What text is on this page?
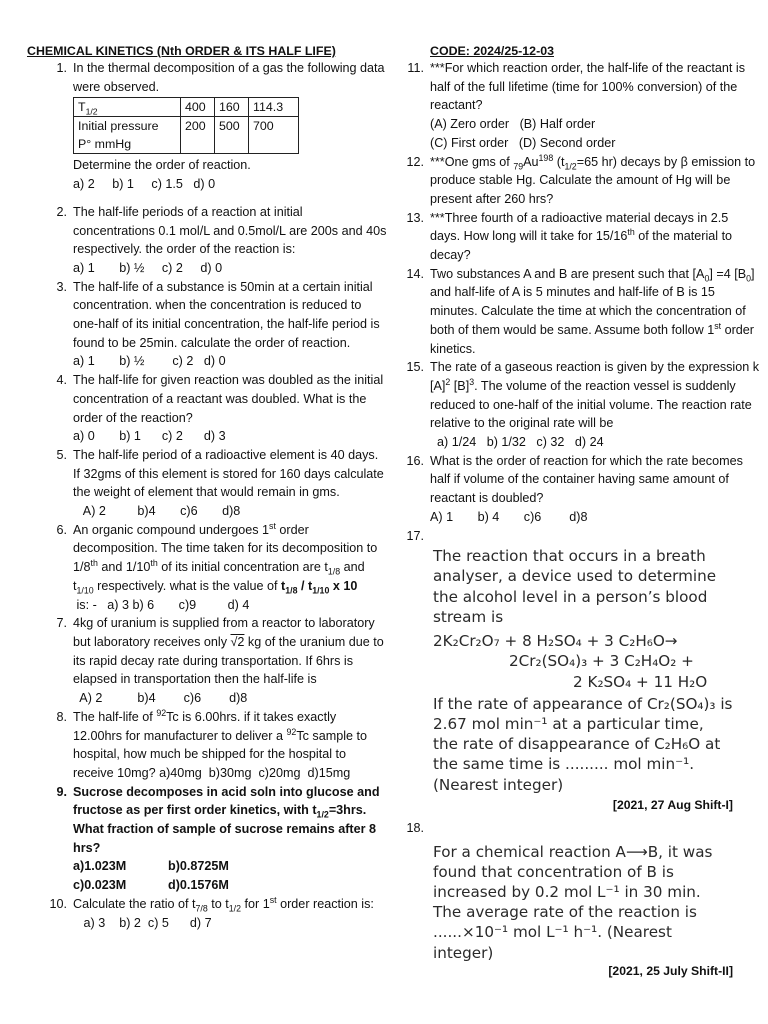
CHEMICAL KINETICS (Nth ORDER & ITS HALF LIFE)	CODE: 2024/25-12-03
1. In the thermal decomposition of a gas the following data were observed.
$T_{1/2}$	400	160	114.3

Initial pressure
P° mmHg	200	500	700
Determine the order of reaction.
a) 2     b) 1     c) 1.5   d) 0
2. The half-life periods of a reaction at initial concentrations 0.1 mol/L and 0.5mol/L are 200s and 40s respectively. the order of the reaction is:
a) 1       b) ½     c) 2     d) 0
3. The half-life of a substance is 50min at a certain initial concentration. when the concentration is reduced to one-half of its initial concentration, the half-life period is found to be 25min. calculate the order of reaction.
a) 1       b) ½        c) 2   d) 0
4. The half-life for given reaction was doubled as the initial concentration of a reactant was doubled. What is the order of the reaction?
a) 0       b) 1      c) 2      d) 3
5. The half-life period of a radioactive element is 40 days. If 32gms of this element is stored for 160 days calculate the weight of element that would remain in gms.   A) 2         b)4       c)6       d)8
6. An organic compound undergoes 1st order decomposition. The time taken for its decomposition to 1/8th and 1/10th of its initial concentration are $t_{1/8}$ and $t_{1/10}$ respectively. what is the value of $t_{1/8} / t_{1/10}$ x 10 is: -   a) 3 b) 6       c)9         d) 4
7. 4kg of uranium is supplied from a reactor to laboratory but laboratory receives only √2 kg of the uranium due to its rapid decay rate during transportation. If 6hrs is elapsed in transportation then the half-life is  A) 2          b)4        c)6        d)8
8. The half-life of $^{92}$Tc is 6.00hrs. if it takes exactly 12.00hrs for manufacturer to deliver a $^{92}$Tc sample to hospital, how much be shipped for the hospital to receive 10mg? a)40mg  b)30mg  c)20mg  d)15mg
9. Sucrose decomposes in acid soln into glucose and fructose as per first order kinetics, with $t_{1/2}=3hrs$. What fraction of sample of sucrose remains after 8 hrs?
a)1.023M	b)0.8725M
c)0.023M	d)0.1576M
10. Calculate the ratio of $t_{7/8}$ to $t_{1/2}$ for 1st order reaction is:   a) 3    b) 2  c) 5      d) 7
11. ***For which reaction order, the half-life of the reactant is half of the full lifetime (time for 100% conversion) of the reactant?
(A) Zero order   (B) Half order
(C) First order   (D) Second order
12. ***One gms of $_{79}Au^{198}$ ($t_{1/2}=65$ hr) decays by β emission to produce stable Hg. Calculate the amount of Hg will be present after 260 hrs?
13. ***Three fourth of a radioactive material decays in 2.5 days. How long will it take for 15/16th of the material to decay?
14. Two substances A and B are present such that $[A_0] =4$ $[B_0]$ and half-life of A is 5 minutes and half-life of B is 15 minutes. Calculate the time at which the concentration of both of them would be same. Assume both follow 1st order kinetics.
15. The rate of a gaseous reaction is given by the expression k $[A]^2$ $[B]^3$. The volume of the reaction vessel is suddenly reduced to one-half of the initial volume. The reaction rate relative to the original rate will be  a) 1/24   b) 1/32   c) 32   d) 24
16. What is the order of reaction for which the rate becomes half if volume of the container having same amount of reactant is doubled?
A) 1       b) 4       c)6        d)8
17.
The reaction that occurs in a breath analyser, a device used to determine the alcohol level in a person’s blood stream is
2K₂Cr₂O₇ + 8 H₂SO₄ + 3 C₂H₆O→
2Cr₂(SO₄)₃ + 3 C₂H₄O₂ +
2 K₂SO₄ + 11 H₂O
If the rate of appearance of Cr₂(SO₄)₃ is 2.67 mol min⁻¹ at a particular time, the rate of disappearance of C₂H₆O at the same time is ......... mol min⁻¹. (Nearest integer)
[2021, 27 Aug Shift-I]
18.
For a chemical reaction A⟶B, it was found that concentration of B is increased by 0.2 mol L⁻¹ in 30 min. The average rate of the reaction is ......×10⁻¹ mol L⁻¹ h⁻¹. (Nearest integer)
[2021, 25 July Shift-II]
